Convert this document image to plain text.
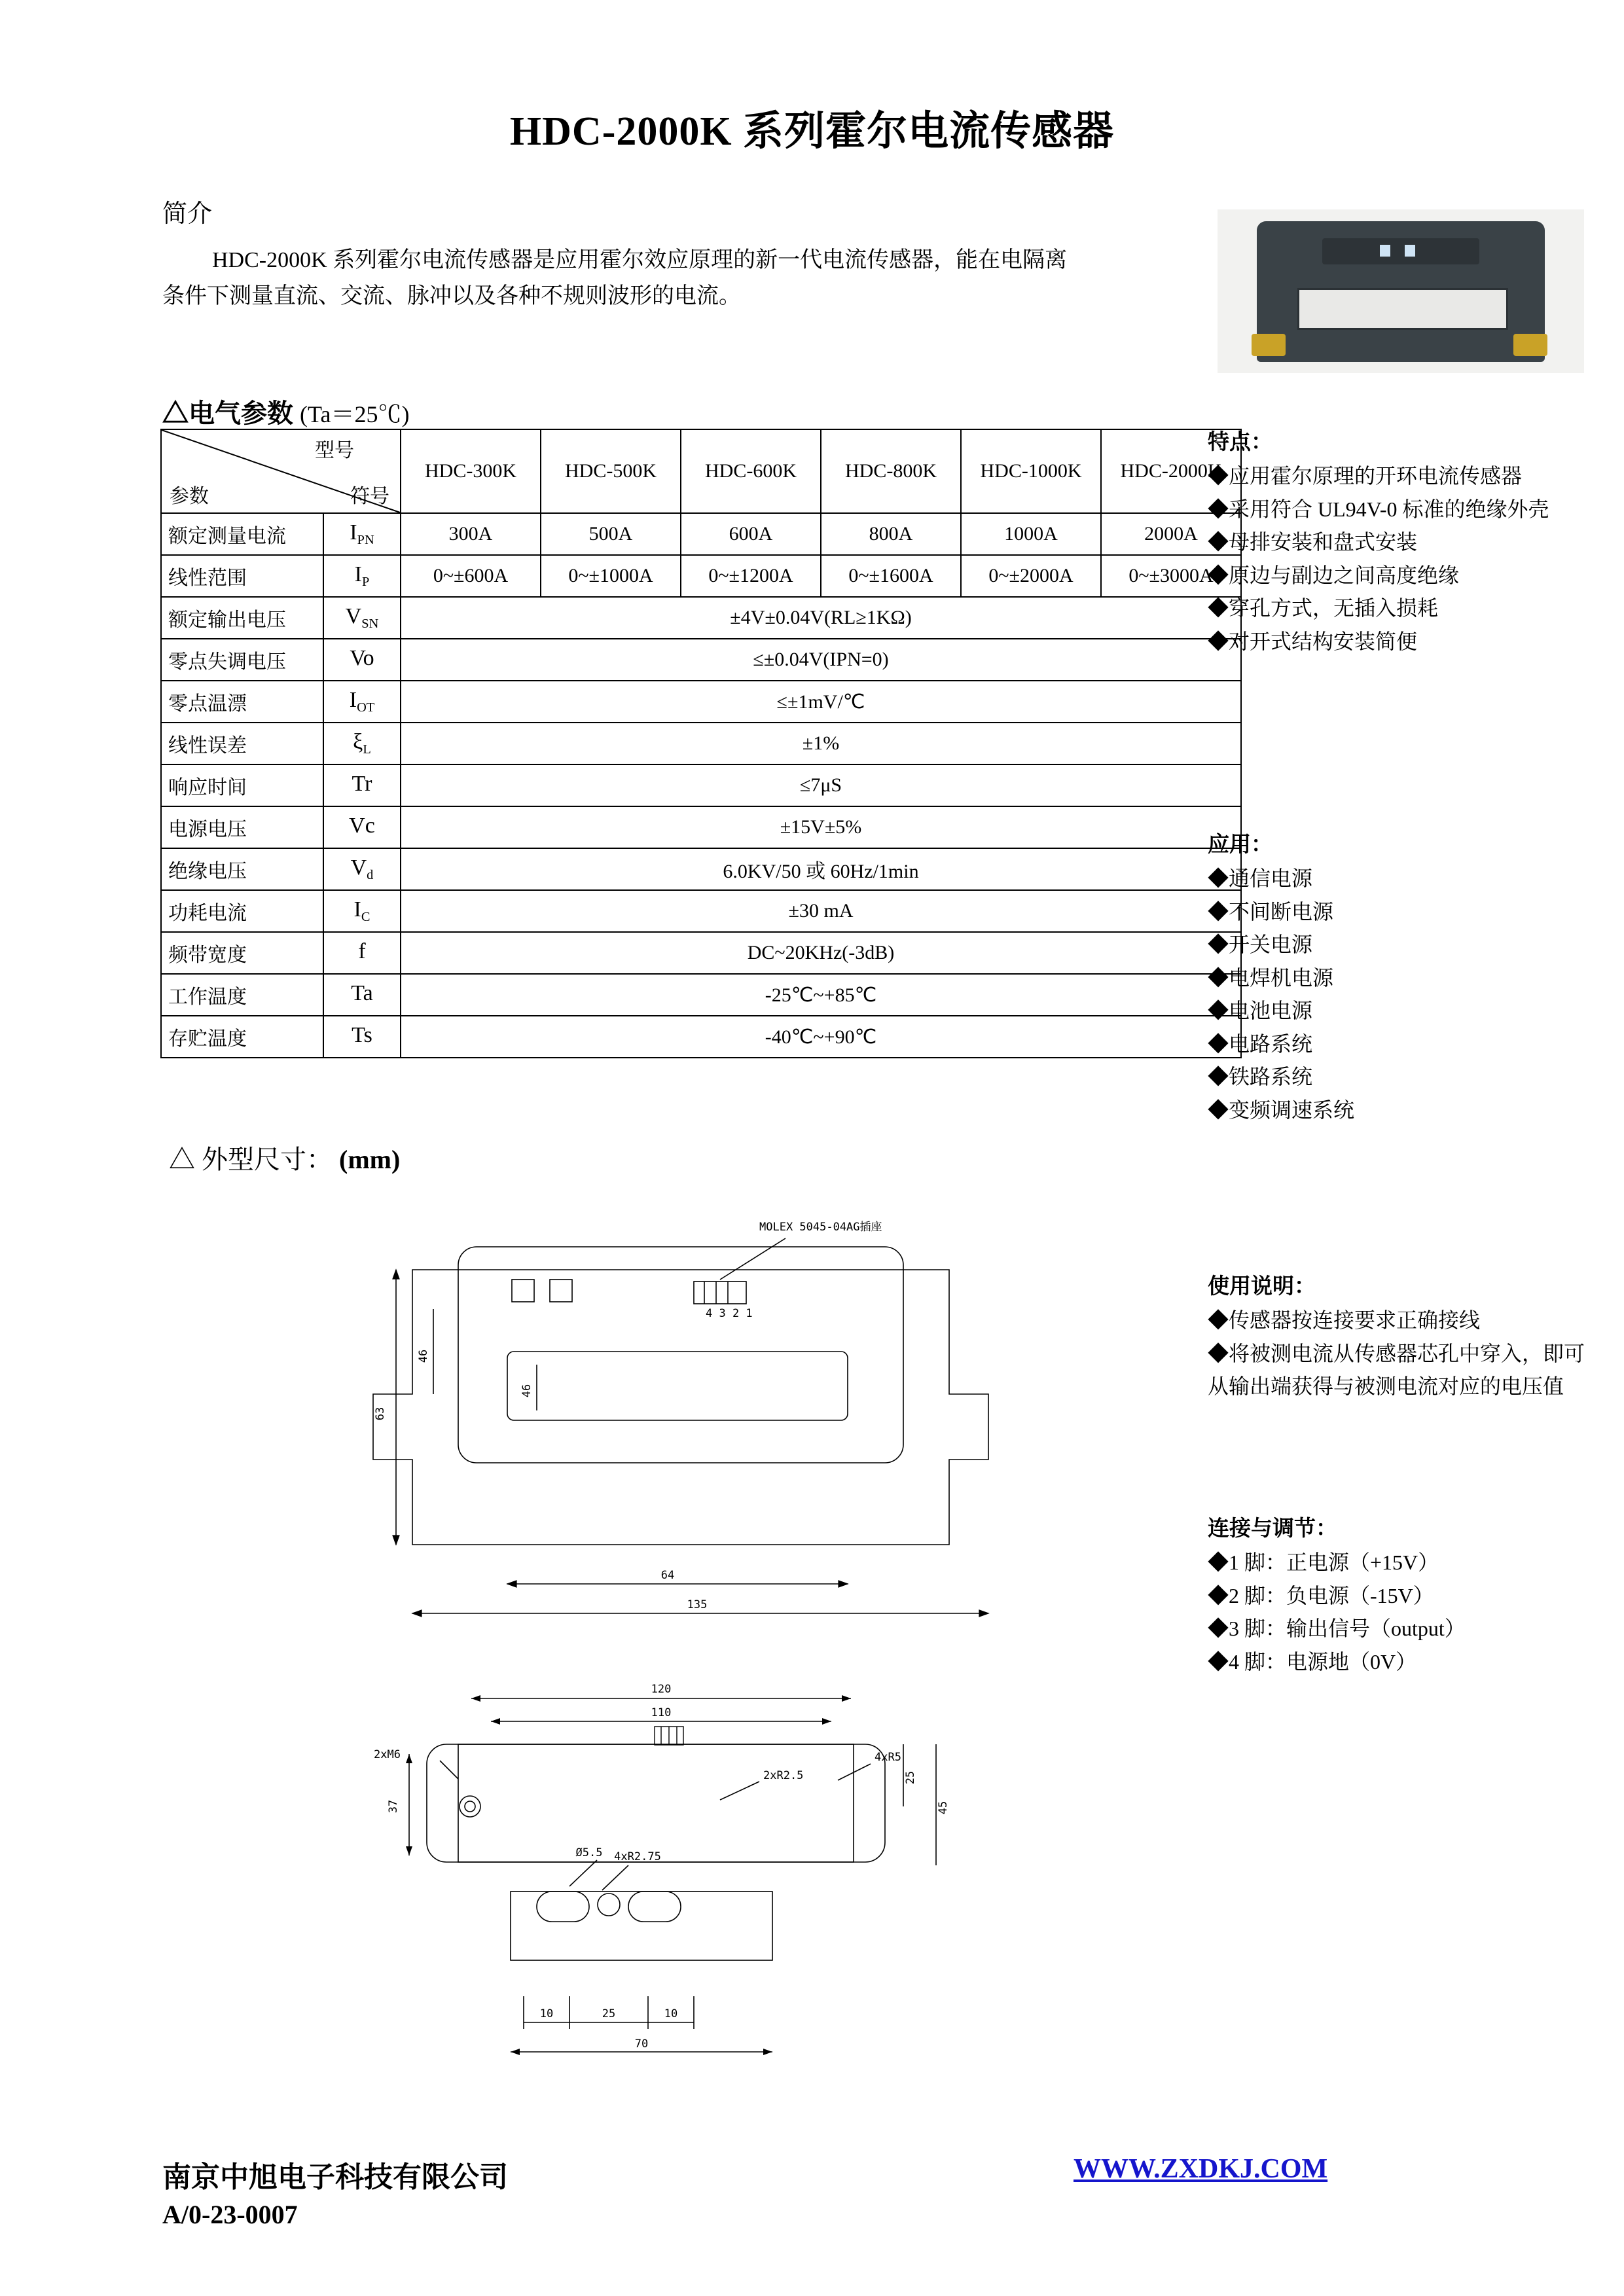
HDC-2000K 系列霍尔电流传感器
简介
HDC-2000K 系列霍尔电流传感器是应用霍尔效应原理的新一代电流传感器，能在电隔离条件下测量直流、交流、脉冲以及各种不规则波形的电流。
△电气参数 (Ta＝25℃)
型号
参数 符号		HDC-300K	HDC-500K	HDC-600K	HDC-800K	HDC-1000K	HDC-2000K
额定测量电流	$I_{PN}$	300A	500A	600A	800A	1000A	2000A
线性范围	$I_P$	0~±600A	0~±1000A	0~±1200A	0~±1600A	0~±2000A	0~±3000A
额定输出电压	$V_{SN}$	±4V±0.04V(RL≥1KΩ)					
零点失调电压	Vo	≤±0.04V(IPN=0)					
零点温漂	$I_{OT}$	≤±1mV/℃					
线性误差	$\xi_L$	±1%					
响应时间	Tr	≤7μS					
电源电压	Vc	±15V±5%					
绝缘电压	$V_d$	6.0KV/50 或 60Hz/1min					
功耗电流	$I_C$	±30 mA					
频带宽度	f	DC~20KHz(-3dB)					
工作温度	Ta	-25℃~+85℃					
存贮温度	Ts	-40℃~+90℃					
特点：
◆应用霍尔原理的开环电流传感器
◆采用符合 UL94V-0 标准的绝缘外壳
◆母排安装和盘式安装
◆原边与副边之间高度绝缘
◆穿孔方式，无插入损耗
◆对开式结构安装简便
应用：
◆通信电源
◆不间断电源
◆开关电源
◆电焊机电源
◆电池电源
◆电路系统
◆铁路系统
◆变频调速系统
使用说明：
◆传感器按连接要求正确接线
◆将被测电流从传感器芯孔中穿入，即可从输出端获得与被测电流对应的电压值
连接与调节：
◆1 脚：正电源（+15V）
◆2 脚：负电源（-15V）
◆3 脚：输出信号（output）
◆4 脚：电源地（0V）
△ 外型尺寸： (mm)
MOLEX 5045-04AG插座
4 3 2 1
63
46
46
64
135
120
110
2xM6	4xR5
2xR2.5
37
25
45
Ø5.5 4xR2.75
10	25	10
70
南京中旭电子科技有限公司
A/0-23-0007
WWW.ZXDKJ.COM
